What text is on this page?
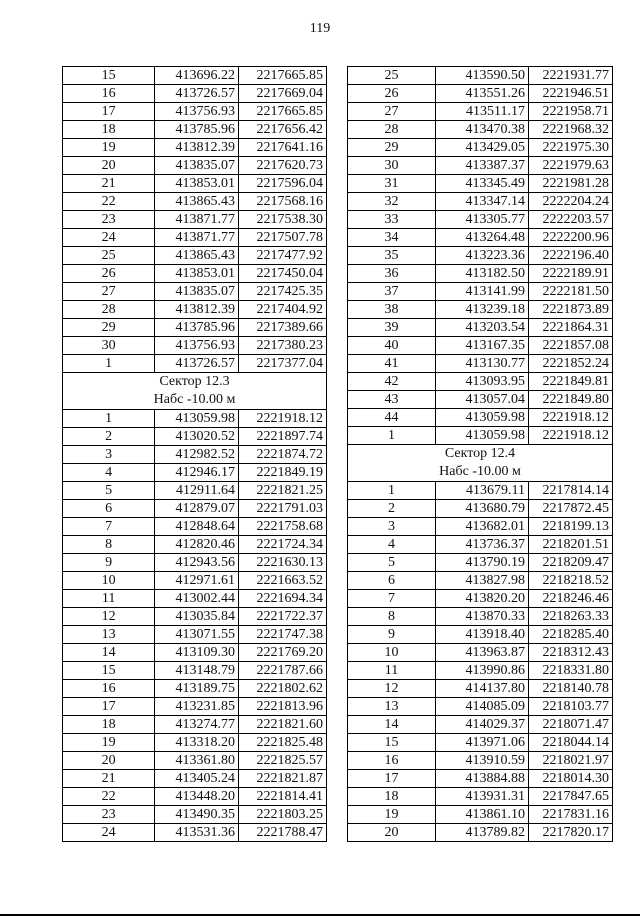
119
15	413696.22	2217665.85
16	413726.57	2217669.04
17	413756.93	2217665.85
18	413785.96	2217656.42
19	413812.39	2217641.16
20	413835.07	2217620.73
21	413853.01	2217596.04
22	413865.43	2217568.16
23	413871.77	2217538.30
24	413871.77	2217507.78
25	413865.43	2217477.92
26	413853.01	2217450.04
27	413835.07	2217425.35
28	413812.39	2217404.92
29	413785.96	2217389.66
30	413756.93	2217380.23
1	413726.57	2217377.04

Сектор 12.3
Набс -10.00 м		

1	413059.98	2221918.12
2	413020.52	2221897.74
3	412982.52	2221874.72
4	412946.17	2221849.19
5	412911.64	2221821.25
6	412879.07	2221791.03
7	412848.64	2221758.68
8	412820.46	2221724.34
9	412943.56	2221630.13
10	412971.61	2221663.52
11	413002.44	2221694.34
12	413035.84	2221722.37
13	413071.55	2221747.38
14	413109.30	2221769.20
15	413148.79	2221787.66
16	413189.75	2221802.62
17	413231.85	2221813.96
18	413274.77	2221821.60
19	413318.20	2221825.48
20	413361.80	2221825.57
21	413405.24	2221821.87
22	413448.20	2221814.41
23	413490.35	2221803.25
24	413531.36	2221788.47
25	413590.50	2221931.77
26	413551.26	2221946.51
27	413511.17	2221958.71
28	413470.38	2221968.32
29	413429.05	2221975.30
30	413387.37	2221979.63
31	413345.49	2221981.28
32	413347.14	2222204.24
33	413305.77	2222203.57
34	413264.48	2222200.96
35	413223.36	2222196.40
36	413182.50	2222189.91
37	413141.99	2222181.50
38	413239.18	2221873.89
39	413203.54	2221864.31
40	413167.35	2221857.08
41	413130.77	2221852.24
42	413093.95	2221849.81
43	413057.04	2221849.80
44	413059.98	2221918.12
1	413059.98	2221918.12

Сектор 12.4
Набс -10.00 м		

1	413679.11	2217814.14
2	413680.79	2217872.45
3	413682.01	2218199.13
4	413736.37	2218201.51
5	413790.19	2218209.47
6	413827.98	2218218.52
7	413820.20	2218246.46
8	413870.33	2218263.33
9	413918.40	2218285.40
10	413963.87	2218312.43
11	413990.86	2218331.80
12	414137.80	2218140.78
13	414085.09	2218103.77
14	414029.37	2218071.47
15	413971.06	2218044.14
16	413910.59	2218021.97
17	413884.88	2218014.30
18	413931.31	2217847.65
19	413861.10	2217831.16
20	413789.82	2217820.17
